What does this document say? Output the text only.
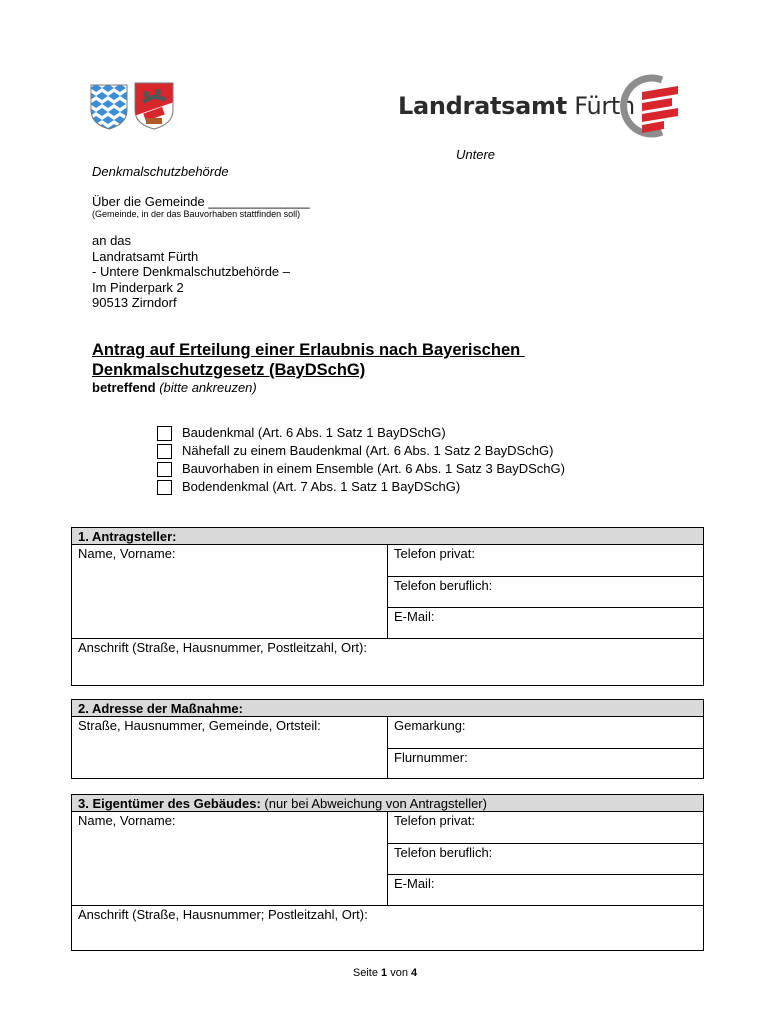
Landratsamt Fürth
Untere
Denkmalschutzbehörde
Über die Gemeinde ______________
(Gemeinde, in der das Bauvorhaben stattfinden soll)
an das
Landratsamt Fürth
- Untere Denkmalschutzbehörde –
Im Pinderpark 2
90513 Zirndorf
Antrag auf Erteilung einer Erlaubnis nach Bayerischen
Denkmalschutzgesetz (BayDSchG)
betreffend (bitte ankreuzen)
Baudenkmal (Art. 6 Abs. 1 Satz 1 BayDSchG)
Nähefall zu einem Baudenkmal (Art. 6 Abs. 1 Satz 2 BayDSchG)
Bauvorhaben in einem Ensemble (Art. 6 Abs. 1 Satz 3 BayDSchG)
Bodendenkmal (Art. 7 Abs. 1 Satz 1 BayDSchG)
1. Antragsteller:
Name, Vorname:	Telefon privat:
Telefon beruflich:
E-Mail:
Anschrift (Straße, Hausnummer, Postleitzahl, Ort):
2. Adresse der Maßnahme:
Straße, Hausnummer, Gemeinde, Ortsteil:	Gemarkung:
Flurnummer:
3. Eigentümer des Gebäudes: (nur bei Abweichung von Antragsteller)
Name, Vorname:	Telefon privat:
Telefon beruflich:
E-Mail:
Anschrift (Straße, Hausnummer; Postleitzahl, Ort):
Seite 1 von 4
